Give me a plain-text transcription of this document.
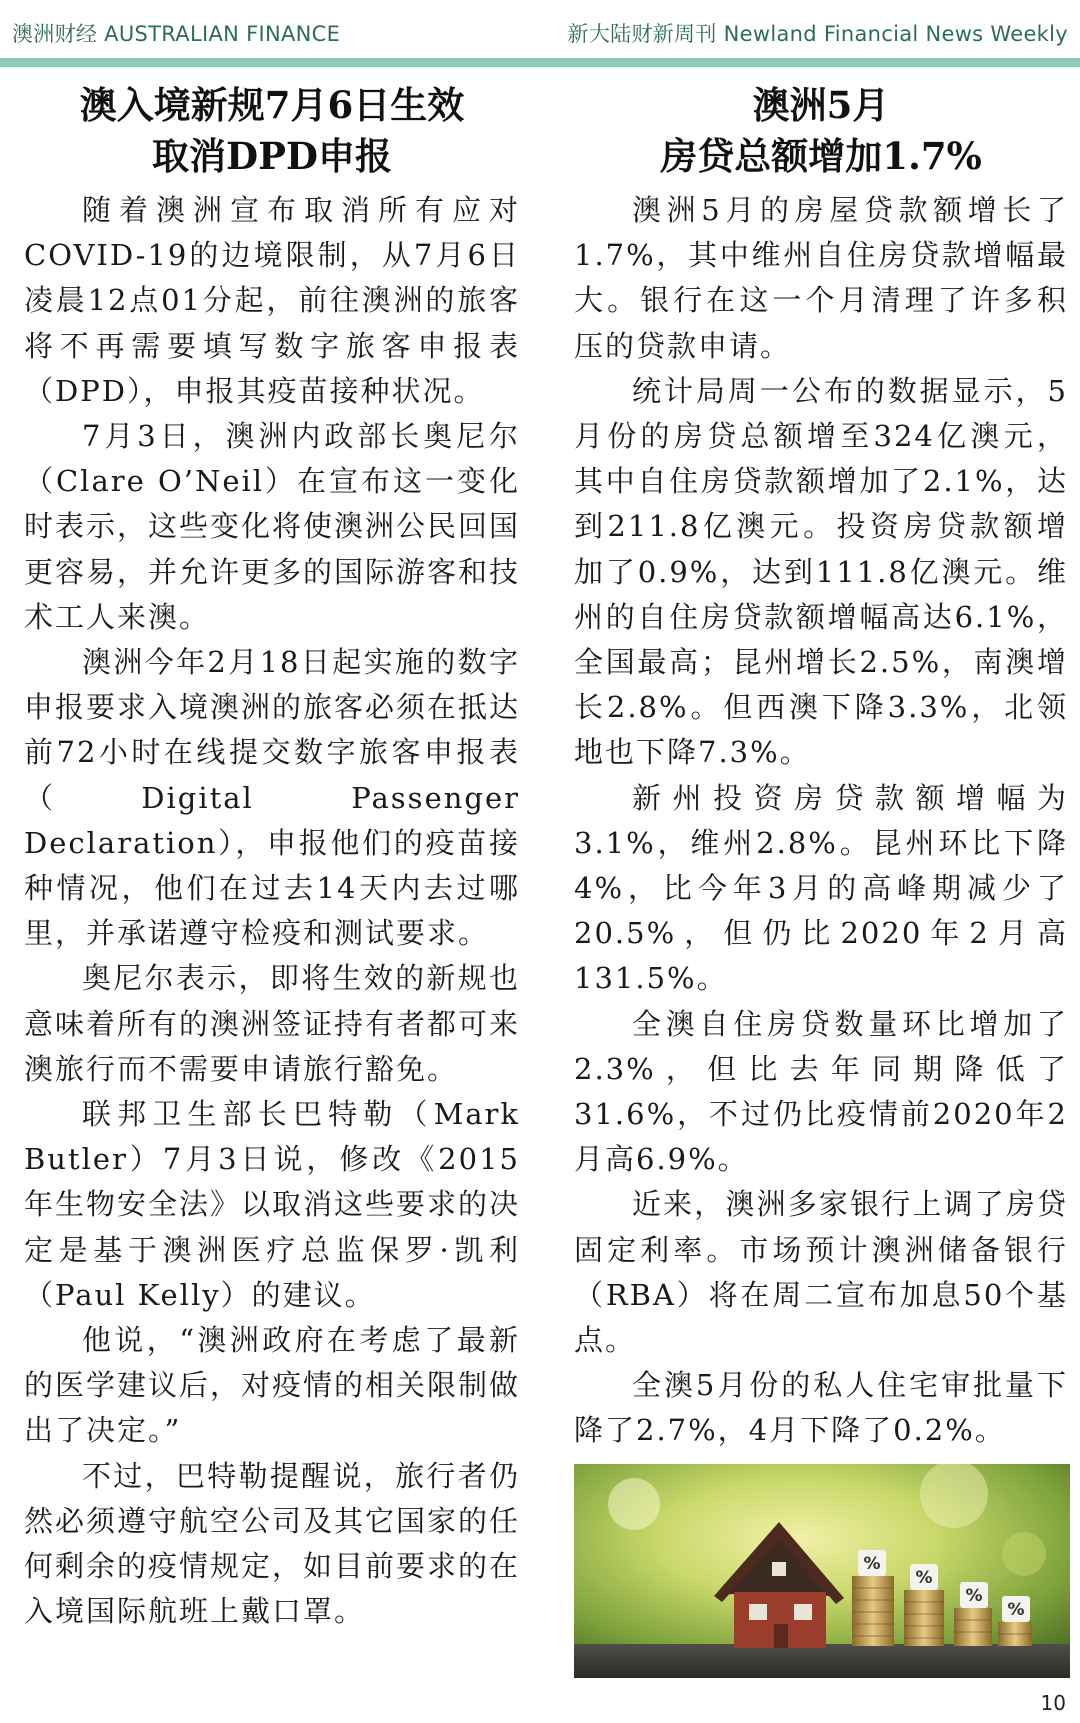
澳洲财经 AUSTRALIAN FINANCE	新大陆财新周刊 Newland Financial News Weekly
澳入境新规7月6日生效
取消DPD申报

随着澳洲宣布取消所有应对COVID-19的边境限制，从7月6日凌晨12点01分起，前往澳洲的旅客将不再需要填写数字旅客申报表（DPD），申报其疫苗接种状况。

7月3日，澳洲内政部长奥尼尔（Clare O’Neil）在宣布这一变化时表示，这些变化将使澳洲公民回国更容易，并允许更多的国际游客和技术工人来澳。

澳洲今年2月18日起实施的数字申报要求入境澳洲的旅客必须在抵达前72小时在线提交数字旅客申报表（Digital Passenger Declaration），申报他们的疫苗接种情况，他们在过去14天内去过哪里，并承诺遵守检疫和测试要求。

奥尼尔表示，即将生效的新规也意味着所有的澳洲签证持有者都可来澳旅行而不需要申请旅行豁免。

联邦卫生部长巴特勒（Mark Butler）7月3日说，修改《2015年生物安全法》以取消这些要求的决定是基于澳洲医疗总监保罗·凯利（Paul Kelly）的建议。

他说，“澳洲政府在考虑了最新的医学建议后，对疫情的相关限制做出了决定。”

不过，巴特勒提醒说，旅行者仍然必须遵守航空公司及其它国家的任何剩余的疫情规定，如目前要求的在入境国际航班上戴口罩。

澳洲5月
房贷总额增加1.7%

澳洲5月的房屋贷款额增长了1.7%，其中维州自住房贷款增幅最大。银行在这一个月清理了许多积压的贷款申请。

统计局周一公布的数据显示，5月份的房贷总额增至324亿澳元，其中自住房贷款额增加了2.1%，达到211.8亿澳元。投资房贷款额增加了0.9%，达到111.8亿澳元。维州的自住房贷款额增幅高达6.1%，全国最高；昆州增长2.5%，南澳增长2.8%。但西澳下降3.3%，北领地也下降7.3%。

新州投资房贷款额增幅为3.1%，维州2.8%。昆州环比下降4%，比今年3月的高峰期减少了20.5%，但仍比2020年2月高131.5%。

全澳自住房贷数量环比增加了2.3%，但比去年同期降低了31.6%，不过仍比疫情前2020年2月高6.9%。

近来，澳洲多家银行上调了房贷固定利率。市场预计澳洲储备银行（RBA）将在周二宣布加息50个基点。

全澳5月份的私人住宅审批量下降了2.7%，4月下降了0.2%。

%
%
%
%
10
